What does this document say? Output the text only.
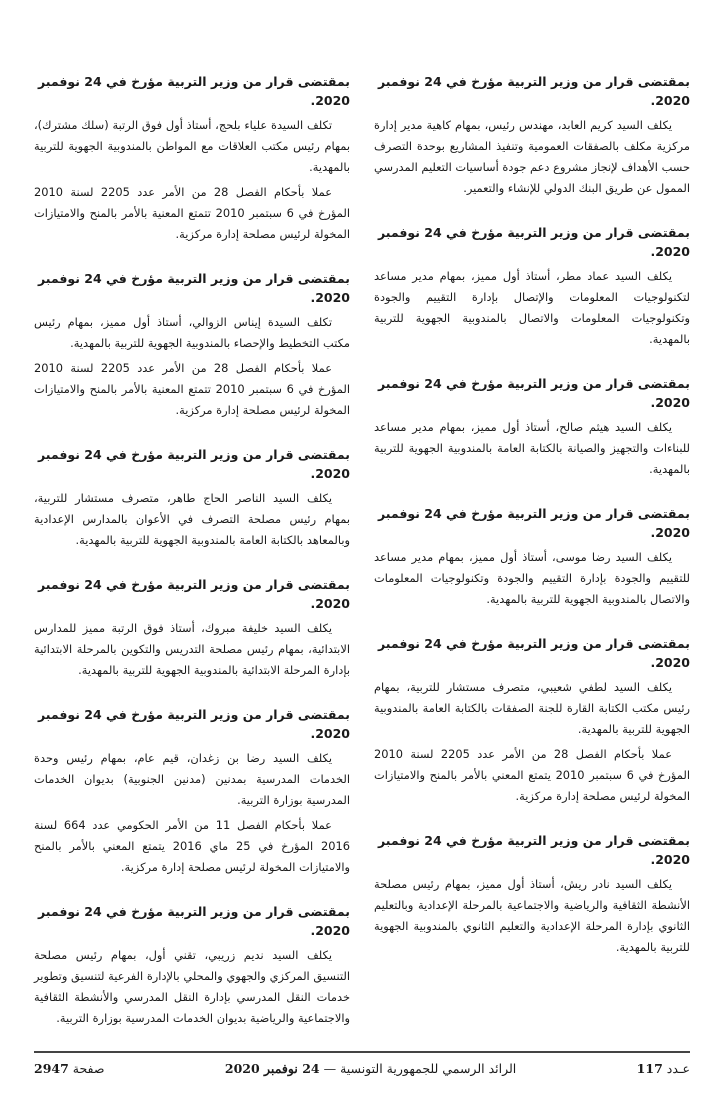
بمقتضى قرار من وزير التربية مؤرخ في 24 نوفمبر 2020.

يكلف السيد كريم العابد، مهندس رئيس، بمهام كاهية مدير إدارة مركزية مكلف بالصفقات العمومية وتنفيذ المشاريع بوحدة التصرف حسب الأهداف لإنجاز مشروع دعم جودة أساسيات التعليم المدرسي الممول عن طريق البنك الدولي للإنشاء والتعمير.

بمقتضى قرار من وزير التربية مؤرخ في 24 نوفمبر 2020.

يكلف السيد عماد مطر، أستاذ أول مميز، بمهام مدير مساعد لتكنولوجيات المعلومات والإتصال بإدارة التقييم والجودة وتكنولوجيات المعلومات والاتصال بالمندوبية الجهوية للتربية بالمهدية.

بمقتضى قرار من وزير التربية مؤرخ في 24 نوفمبر 2020.

يكلف السيد هيثم صالح، أستاذ أول مميز، بمهام مدير مساعد للبناءات والتجهيز والصيانة بالكتابة العامة بالمندوبية الجهوية للتربية بالمهدية.

بمقتضى قرار من وزير التربية مؤرخ في 24 نوفمبر 2020.

يكلف السيد رضا موسى، أستاذ أول مميز، بمهام مدير مساعد للتقييم والجودة بإدارة التقييم والجودة وتكنولوجيات المعلومات والاتصال بالمندوبية الجهوية للتربية بالمهدية.

بمقتضى قرار من وزير التربية مؤرخ في 24 نوفمبر 2020.

يكلف السيد لطفي شعيبي، متصرف مستشار للتربية، بمهام رئيس مكتب الكتابة القارة للجنة الصفقات بالكتابة العامة بالمندوبية الجهوية للتربية بالمهدية.

عملا بأحكام الفصل 28 من الأمر عدد 2205 لسنة 2010 المؤرخ في 6 سبتمبر 2010 يتمتع المعني بالأمر بالمنح والامتيازات المخولة لرئيس مصلحة إدارة مركزية.

بمقتضى قرار من وزير التربية مؤرخ في 24 نوفمبر 2020.

يكلف السيد نادر ريش، أستاذ أول مميز، بمهام رئيس مصلحة الأنشطة الثقافية والرياضية والاجتماعية بالمرحلة الإعدادية وبالتعليم الثانوي بإدارة المرحلة الإعدادية والتعليم الثانوي بالمندوبية الجهوية للتربية بالمهدية.

بمقتضى قرار من وزير التربية مؤرخ في 24 نوفمبر 2020.

تكلف السيدة علياء بلحج، أستاذ أول فوق الرتبة (سلك مشترك)، بمهام رئيس مكتب العلاقات مع المواطن بالمندوبية الجهوية للتربية بالمهدية.

عملا بأحكام الفصل 28 من الأمر عدد 2205 لسنة 2010 المؤرخ في 6 سبتمبر 2010 تتمتع المعنية بالأمر بالمنح والامتيازات المخولة لرئيس مصلحة إدارة مركزية.

بمقتضى قرار من وزير التربية مؤرخ في 24 نوفمبر 2020.

تكلف السيدة إيناس الزوالي، أستاذ أول مميز، بمهام رئيس مكتب التخطيط والإحصاء بالمندوبية الجهوية للتربية بالمهدية.

عملا بأحكام الفصل 28 من الأمر عدد 2205 لسنة 2010 المؤرخ في 6 سبتمبر 2010 تتمتع المعنية بالأمر بالمنح والامتيازات المخولة لرئيس مصلحة إدارة مركزية.

بمقتضى قرار من وزير التربية مؤرخ في 24 نوفمبر 2020.

يكلف السيد الناصر الحاج طاهر، متصرف مستشار للتربية، بمهام رئيس مصلحة التصرف في الأعوان بالمدارس الإعدادية وبالمعاهد بالكتابة العامة بالمندوبية الجهوية للتربية بالمهدية.

بمقتضى قرار من وزير التربية مؤرخ في 24 نوفمبر 2020.

يكلف السيد خليفة مبروك، أستاذ فوق الرتبة مميز للمدارس الابتدائية، بمهام رئيس مصلحة التدريس والتكوين بالمرحلة الابتدائية بإدارة المرحلة الابتدائية بالمندوبية الجهوية للتربية بالمهدية.

بمقتضى قرار من وزير التربية مؤرخ في 24 نوفمبر 2020.

يكلف السيد رضا بن زغدان، قيم عام، بمهام رئيس وحدة الخدمات المدرسية بمدنين (مدنين الجنوبية) بديوان الخدمات المدرسية بوزارة التربية.

عملا بأحكام الفصل 11 من الأمر الحكومي عدد 664 لسنة 2016 المؤرخ في 25 ماي 2016 يتمتع المعني بالأمر بالمنح والامتيازات المخولة لرئيس مصلحة إدارة مركزية.

بمقتضى قرار من وزير التربية مؤرخ في 24 نوفمبر 2020.

يكلف السيد نديم زريبي، تقني أول، بمهام رئيس مصلحة التنسيق المركزي والجهوي والمحلي بالإدارة الفرعية لتنسيق وتطوير خدمات النقل المدرسي بإدارة النقل المدرسي والأنشطة الثقافية والاجتماعية والرياضية بديوان الخدمات المدرسية بوزارة التربية.

عـدد 117
الرائد الرسمي للجمهورية التونسية — 24 نوفمبر 2020
صفحة 2947
